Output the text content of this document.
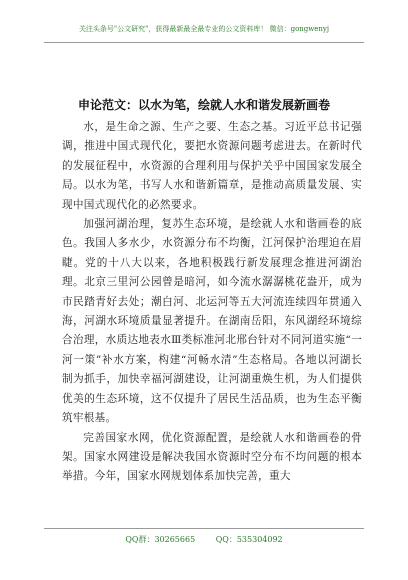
关注头条号"公文研究"，获得最新最全最专业的公文资料库！ 微信：gongwenyj
申论范文：以水为笔，绘就人水和谐发展新画卷

水，是生命之源、生产之要、生态之基。习近平总书记强调，推进中国式现代化，要把水资源问题考虑进去。在新时代的发展征程中，水资源的合理利用与保护关乎中国国家发展全局。以水为笔，书写人水和谐新篇章，是推动高质量发展、实现中国式现代化的必然要求。

加强河湖治理，复苏生态环境，是绘就人水和谐画卷的底色。我国人多水少，水资源分布不均衡，江河保护治理迫在眉睫。党的十八大以来，各地积极践行新发展理念推进河湖治理。北京三里河公园曾是暗河，如今流水潺潺桃花盎开，成为市民踏青好去处；潮白河、北运河等五大河流连续四年贯通入海，河湖水环境质量显著提升。在湖南岳阳，东风湖经环境综合治理，水质达地表水Ⅲ类标准河北邢台针对不同河道实施“一河一策”补水方案，构建“河畅水清”生态格局。各地以河湖长制为抓手，加快幸福河湖建设，让河湖重焕生机，为人们提供优美的生态环境，这不仅提升了居民生活品质，也为生态平衡筑牢根基。

完善国家水网，优化资源配置，是绘就人水和谐画卷的骨架。国家水网建设是解决我国水资源时空分布不均问题的根本举措。今年，国家水网规划体系加快完善，重大

QQ群：30265665	QQ：535304092
